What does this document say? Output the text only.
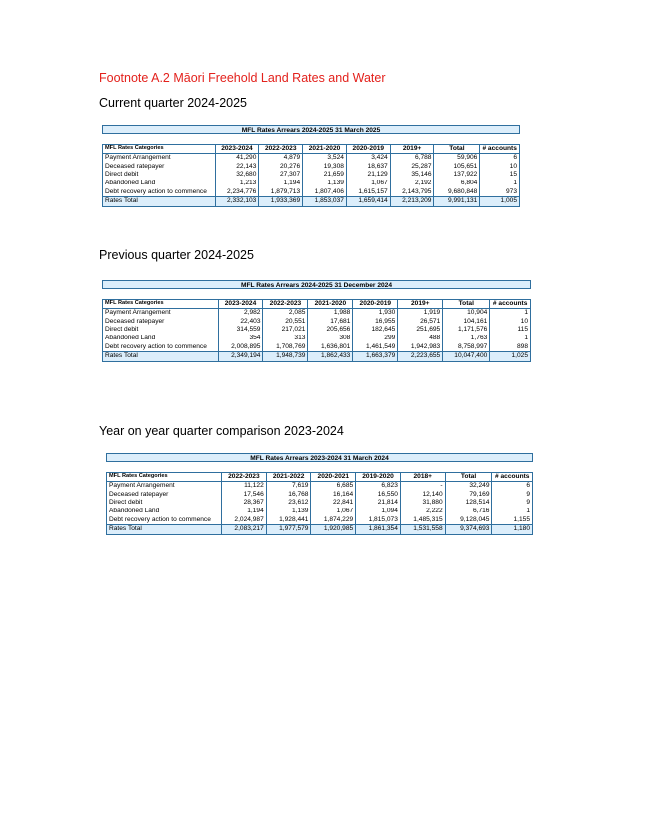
Footnote A.2 Māori Freehold Land Rates and Water
Current quarter 2024-2025
MFL Rates Arrears 2024-2025 31 March 2025
MFL Rates Categories	2023-2024	2022-2023	2021-2020	2020-2019	2019+	Total	# accounts
Payment Arrangement	41,290	4,879	3,524	3,424	6,788	59,906	6
Deceased ratepayer	22,143	20,276	19,308	18,637	25,287	105,651	10
Direct debit	32,680	27,307	21,659	21,129	35,146	137,922	15
Abandoned Land	1,213	1,194	1,139	1,067	2,192	6,804	1
Debt recovery action to commence	2,234,776	1,879,713	1,807,406	1,615,157	2,143,795	9,680,848	973
Rates Total	2,332,103	1,933,369	1,853,037	1,659,414	2,213,209	9,991,131	1,005
Previous quarter 2024-2025
MFL Rates Arrears 2024-2025 31 December 2024
MFL Rates Categories	2023-2024	2022-2023	2021-2020	2020-2019	2019+	Total	# accounts
Payment Arrangement	2,982	2,085	1,988	1,930	1,919	10,904	1
Deceased ratepayer	22,403	20,551	17,681	16,955	26,571	104,161	10
Direct debit	314,559	217,021	205,656	182,645	251,695	1,171,576	115
Abandoned Land	354	313	308	299	488	1,763	1
Debt recovery action to commence	2,008,895	1,708,769	1,636,801	1,461,549	1,942,983	8,758,997	898
Rates Total	2,349,194	1,948,739	1,862,433	1,663,379	2,223,655	10,047,400	1,025
Year on year quarter comparison 2023-2024
MFL Rates Arrears 2023-2024 31 March 2024
MFL Rates Categories	2022-2023	2021-2022	2020-2021	2019-2020	2018+	Total	# accounts
Payment Arrangement	11,122	7,619	6,685	6,823	-	32,249	6
Deceased ratepayer	17,546	16,768	16,164	16,550	12,140	79,169	9
Direct debit	28,367	23,612	22,841	21,814	31,880	128,514	9
Abandoned Land	1,194	1,139	1,067	1,094	2,222	6,716	1
Debt recovery action to commence	2,024,987	1,928,441	1,874,229	1,815,073	1,485,315	9,128,045	1,155
Rates Total	2,083,217	1,977,579	1,920,985	1,861,354	1,531,558	9,374,693	1,180
